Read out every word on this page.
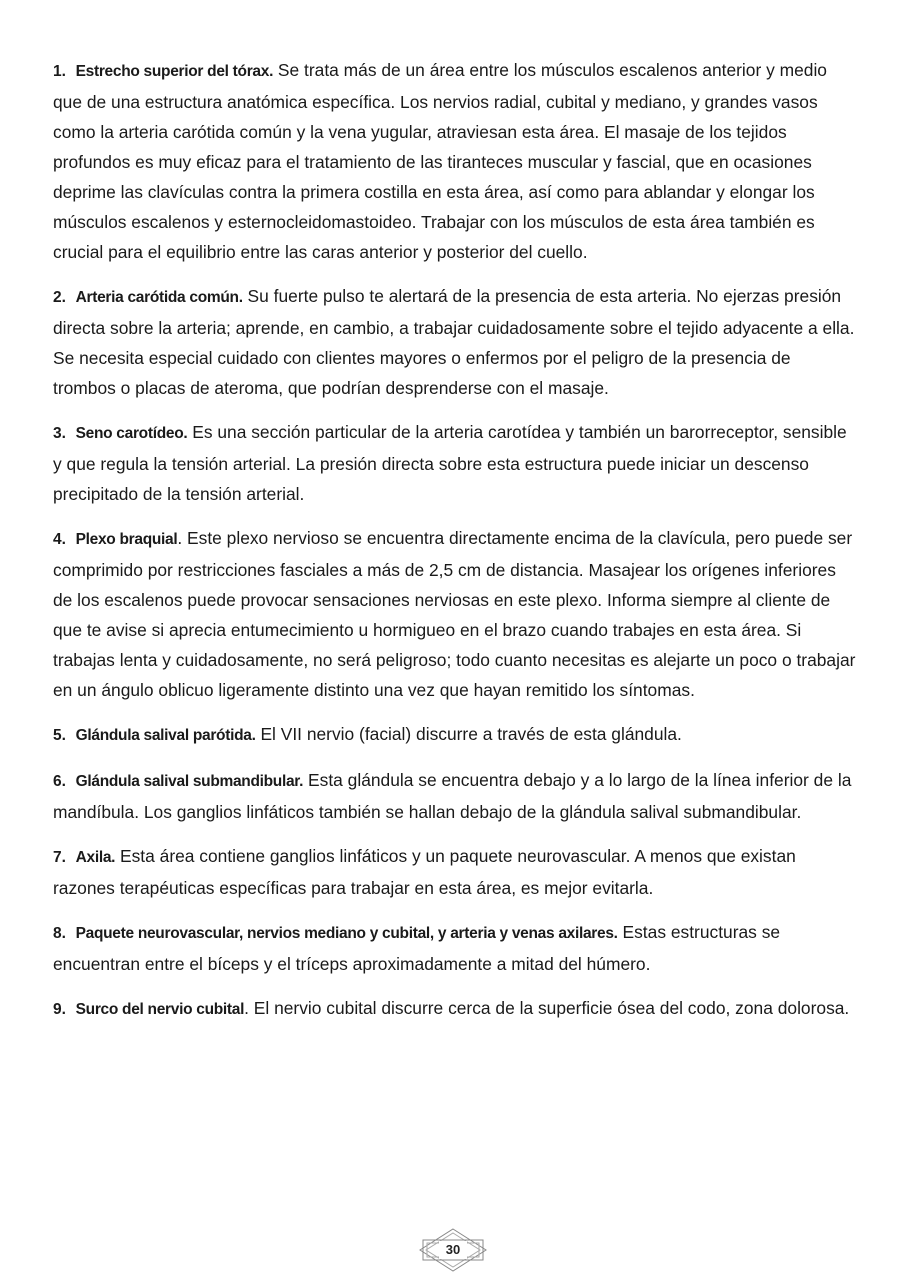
1. Estrecho superior del tórax. Se trata más de un área entre los músculos escalenos anterior y medio que de una estructura anatómica específica. Los nervios radial, cubital y mediano, y grandes vasos como la arteria carótida común y la vena yugular, atraviesan esta área. El masaje de los tejidos profundos es muy eficaz para el tratamiento de las tiranteces muscular y fascial, que en ocasiones deprime las clavículas contra la primera costilla en esta área, así como para ablandar y elongar los músculos escalenos y esternocleidomastoideo. Trabajar con los músculos de esta área también es crucial para el equilibrio entre las caras anterior y posterior del cuello.

2. Arteria carótida común. Su fuerte pulso te alertará de la presencia de esta arteria. No ejerzas presión directa sobre la arteria; aprende, en cambio, a trabajar cuidadosamente sobre el tejido adyacente a ella. Se necesita especial cuidado con clientes mayores o enfermos por el peligro de la presencia de trombos o placas de ateroma, que podrían desprenderse con el masaje.

3. Seno carotídeo. Es una sección particular de la arteria carotídea y también un barorreceptor, sensible y que regula la tensión arterial. La presión directa sobre esta estructura puede iniciar un descenso precipitado de la tensión arterial.

4. Plexo braquial. Este plexo nervioso se encuentra directamente encima de la clavícula, pero puede ser comprimido por restricciones fasciales a más de 2,5 cm de distancia. Masajear los orígenes inferiores de los escalenos puede provocar sensaciones nerviosas en este plexo. Informa siempre al cliente de que te avise si aprecia entumecimiento u hormigueo en el brazo cuando trabajes en esta área. Si trabajas lenta y cuidadosamente, no será peligroso; todo cuanto necesitas es alejarte un poco o trabajar en un ángulo oblicuo ligeramente distinto una vez que hayan remitido los síntomas.

5. Glándula salival parótida. El VII nervio (facial) discurre a través de esta glándula.

6. Glándula salival submandibular. Esta glándula se encuentra debajo y a lo largo de la línea inferior de la mandíbula. Los ganglios linfáticos también se hallan debajo de la glándula salival submandibular.

7. Axila. Esta área contiene ganglios linfáticos y un paquete neurovascular. A menos que existan razones terapéuticas específicas para trabajar en esta área, es mejor evitarla.

8. Paquete neurovascular, nervios mediano y cubital, y arteria y venas axilares. Estas estructuras se encuentran entre el bíceps y el tríceps aproximadamente a mitad del húmero.

9. Surco del nervio cubital. El nervio cubital discurre cerca de la superficie ósea del codo, zona dolorosa.

30
